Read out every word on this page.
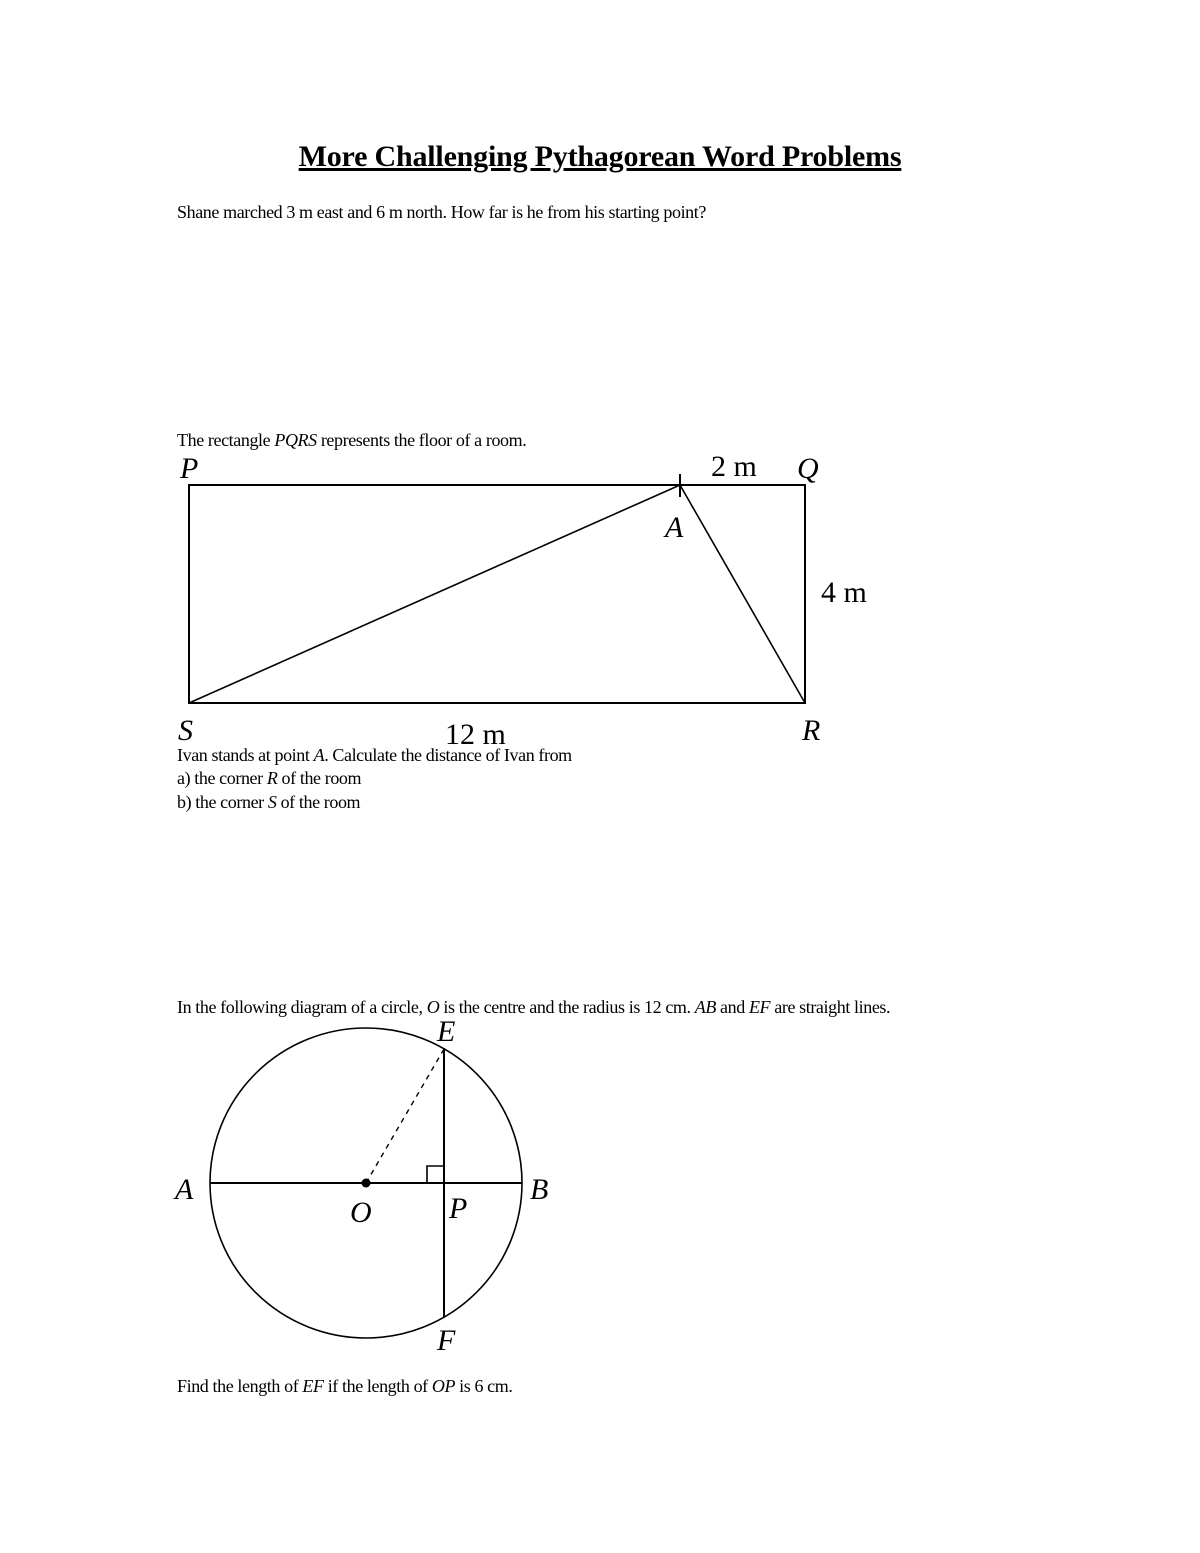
More Challenging Pythagorean Word Problems
Shane marched 3 m east and 6 m north. How far is he from his starting point?
The rectangle PQRS represents the floor of a room.
P	Q
R
S
A
2 m
4 m
12 m
Ivan stands at point A. Calculate the distance of Ivan from
a) the corner R of the room
b) the corner S of the room
In the following diagram of a circle, O is the centre and the radius is 12 cm. AB and EF are straight lines.
A	B
E
F
O	P
Find the length of EF if the length of OP is 6 cm.
